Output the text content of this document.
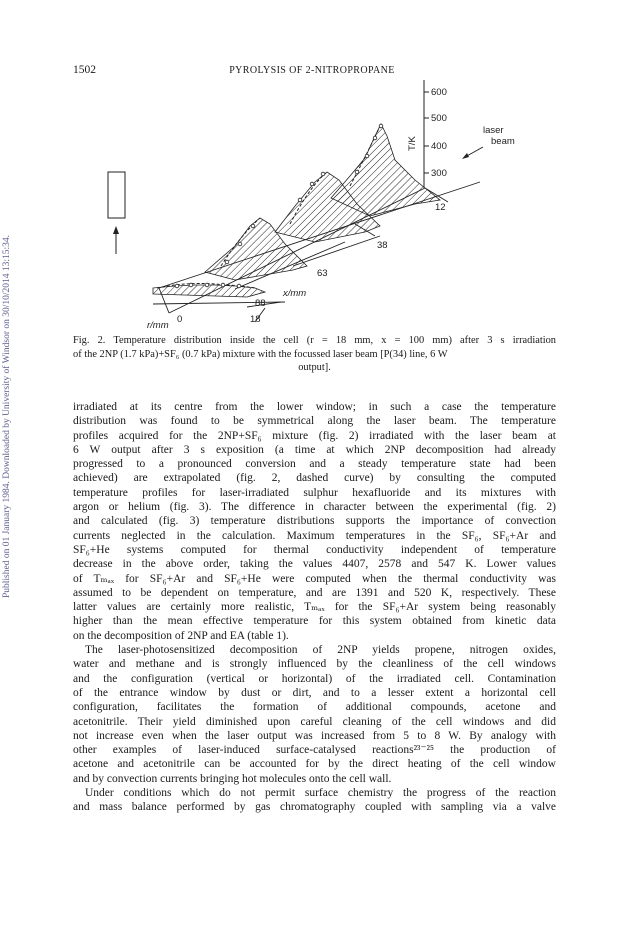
1502	PYROLYSIS OF 2-NITROPROPANE
Published on 01 January 1984. Downloaded by University of Windsor on 30/10/2014 13:15:34.
600
500
400
300
T/K
laser
beam
12
38
63
88
x/mm
r/mm
0	18

Fig. 2. Temperature distribution inside the cell (r = 18 mm, x = 100 mm) after 3 s irradiation

of the 2NP (1.7 kPa)+SF₆ (0.7 kPa) mixture with the focussed laser beam [P(34) line, 6 W

output].

irradiated at its centre from the lower window; in such a case the temperature

distribution was found to be symmetrical along the laser beam. The temperature

profiles acquired for the 2NP+SF₆ mixture (fig. 2) irradiated with the laser beam at

6 W output after 3 s exposition (a time at which 2NP decomposition had already

progressed to a pronounced conversion and a steady temperature state had been

achieved) are extrapolated (fig. 2, dashed curve) by consulting the computed

temperature profiles for laser-irradiated sulphur hexafluoride and its mixtures with

argon or helium (fig. 3). The difference in character between the experimental (fig. 2)

and calculated (fig. 3) temperature distributions supports the importance of convection

currents neglected in the calculation. Maximum temperatures in the SF₆, SF₆+Ar and

SF₆+He systems computed for thermal conductivity independent of temperature

decrease in the above order, taking the values 4407, 2578 and 547 K. Lower values

of Tₘₐₓ for SF₆+Ar and SF₆+He were computed when the thermal conductivity was

assumed to be dependent on temperature, and are 1391 and 520 K, respectively. These

latter values are certainly more realistic, Tₘₐₓ for the SF₆+Ar system being reasonably

higher than the mean effective temperature for this system obtained from kinetic data

on the decomposition of 2NP and EA (table 1).

The laser-photosensitized decomposition of 2NP yields propene, nitrogen oxides,

water and methane and is strongly influenced by the cleanliness of the cell windows

and the configuration (vertical or horizontal) of the irradiated cell. Contamination

of the entrance window by dust or dirt, and to a lesser extent a horizontal cell

configuration, facilitates the formation of additional compounds, acetone and

acetonitrile. Their yield diminished upon careful cleaning of the cell windows and did

not increase even when the laser output was increased from 5 to 8 W. By analogy with

other examples of laser-induced surface-catalysed reactions²³⁻²⁵ the production of

acetone and acetonitrile can be accounted for by the direct heating of the cell window

and by convection currents bringing hot molecules onto the cell wall.

Under conditions which do not permit surface chemistry the progress of the reaction

and mass balance performed by gas chromatography coupled with sampling via a valve
